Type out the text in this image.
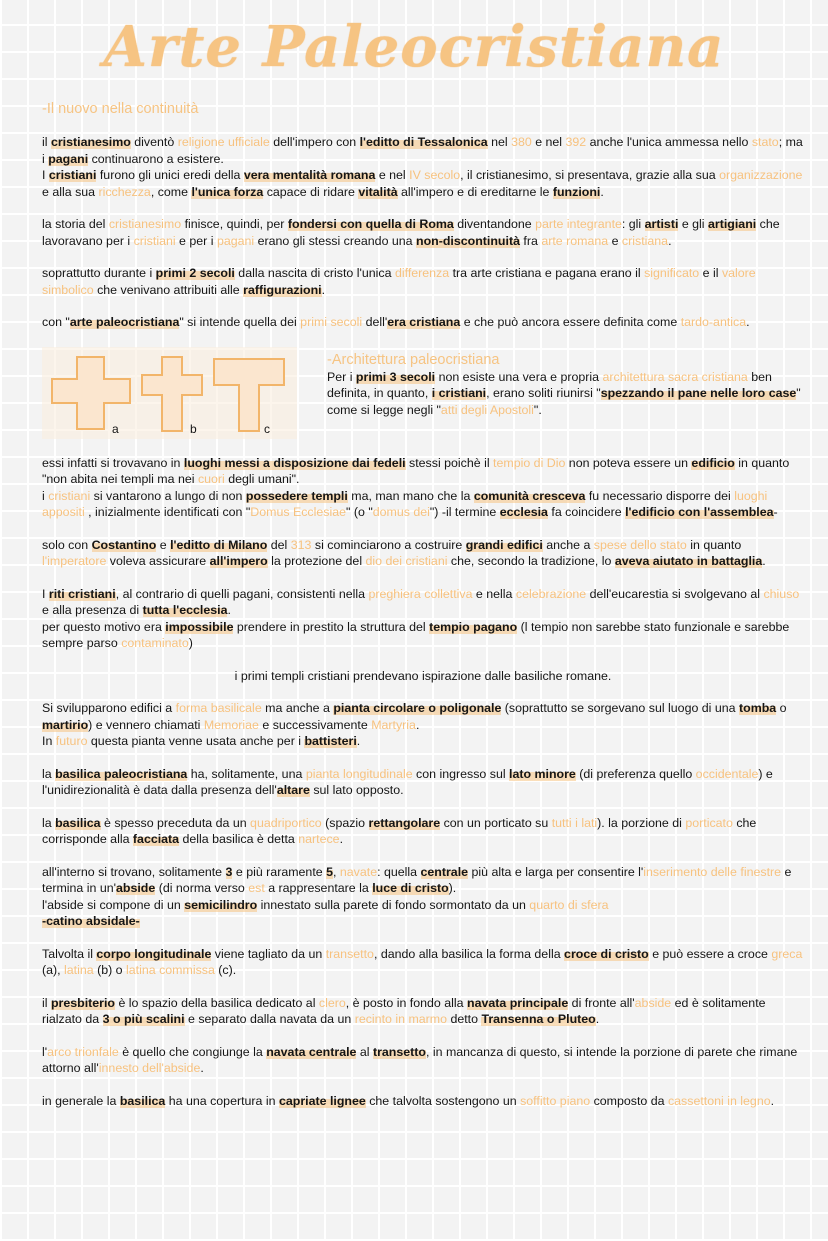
Arte Paleocristiana
-Il nuovo nella continuità
il cristianesimo diventò religione ufficiale dell'impero con l'editto di Tessalonica nel 380 e nel 392 anche l'unica ammessa nello stato; ma i pagani continuarono a esistere.
I cristiani furono gli unici eredi della vera mentalità romana e nel IV secolo, il cristianesimo, si presentava, grazie alla sua organizzazione e alla sua ricchezza, come l'unica forza capace di ridare vitalità all'impero e di ereditarne le funzioni.
la storia del cristianesimo finisce, quindi, per fondersi con quella di Roma diventandone parte integrante: gli artisti e gli artigiani che lavoravano per i cristiani e per i pagani erano gli stessi creando una non-discontinuità fra arte romana e cristiana.
soprattutto durante i primi 2 secoli dalla nascita di cristo l'unica differenza tra arte cristiana e pagana erano il significato e il valore simbolico che venivano attribuiti alle raffigurazioni.
con "arte paleocristiana" si intende quella dei primi secoli dell'era cristiana e che può ancora essere definita come tardo-antica.
a	b	c
-Architettura paleocristiana
Per i primi 3 secoli non esiste una vera e propria architettura sacra cristiana ben definita, in quanto, i cristiani, erano soliti riunirsi "spezzando il pane nelle loro case" come si legge negli "atti degli Apostoli".
essi infatti si trovavano in luoghi messi a disposizione dai fedeli stessi poichè il tempio di Dio non poteva essere un edificio in quanto "non abita nei templi ma nei cuori degli umani".
i cristiani si vantarono a lungo di non possedere templi ma, man mano che la comunità cresceva fu necessario disporre dei luoghi appositi , inizialmente identificati con "Domus Ecclesiae" (o "domus dei") -il termine ecclesia fa coincidere l'edificio con l'assemblea-
solo con Costantino e l'editto di Milano del 313 si cominciarono a costruire grandi edifici anche a spese dello stato in quanto l'imperatore voleva assicurare all'impero la protezione del dio dei cristiani che, secondo la tradizione, lo aveva aiutato in battaglia.
I riti cristiani, al contrario di quelli pagani, consistenti nella preghiera collettiva e nella celebrazione dell'eucarestia si svolgevano al chiuso e alla presenza di tutta l'ecclesia.
per questo motivo era impossibile prendere in prestito la struttura del tempio pagano (l tempio non sarebbe stato funzionale e sarebbe sempre parso contaminato)
i primi templi cristiani prendevano ispirazione dalle basiliche romane.
Si svilupparono edifici a forma basilicale ma anche a pianta circolare o poligonale (soprattutto se sorgevano sul luogo di una tomba o martirio) e vennero chiamati Memoriae e successivamente Martyria.
In futuro questa pianta venne usata anche per i battisteri.
la basilica paleocristiana ha, solitamente, una pianta longitudinale con ingresso sul lato minore (di preferenza quello occidentale) e l'unidirezionalità è data dalla presenza dell'altare sul lato opposto.
la basilica è spesso preceduta da un quadriportico (spazio rettangolare con un porticato su tutti i lati). la porzione di porticato che corrisponde alla facciata della basilica è detta nartece.
all'interno si trovano, solitamente 3 e più raramente 5, navate: quella centrale più alta e larga per consentire l'inserimento delle finestre e termina in un'abside (di norma verso est a rappresentare la luce di cristo).
l'abside si compone di un semicilindro innestato sulla parete di fondo sormontato da un quarto di sfera
-catino absidale-
Talvolta il corpo longitudinale viene tagliato da un transetto, dando alla basilica la forma della croce di cristo e può essere a croce greca (a), latina (b) o latina commissa (c).
il presbiterio è lo spazio della basilica dedicato al clero, è posto in fondo alla navata principale di fronte all'abside ed è solitamente rialzato da 3 o più scalini e separato dalla navata da un recinto in marmo detto Transenna o Pluteo.
l'arco trionfale è quello che congiunge la navata centrale al transetto, in mancanza di questo, si intende la porzione di parete che rimane attorno all'innesto dell'abside.
in generale la basilica ha una copertura in capriate lignee che talvolta sostengono un soffitto piano composto da cassettoni in legno.
